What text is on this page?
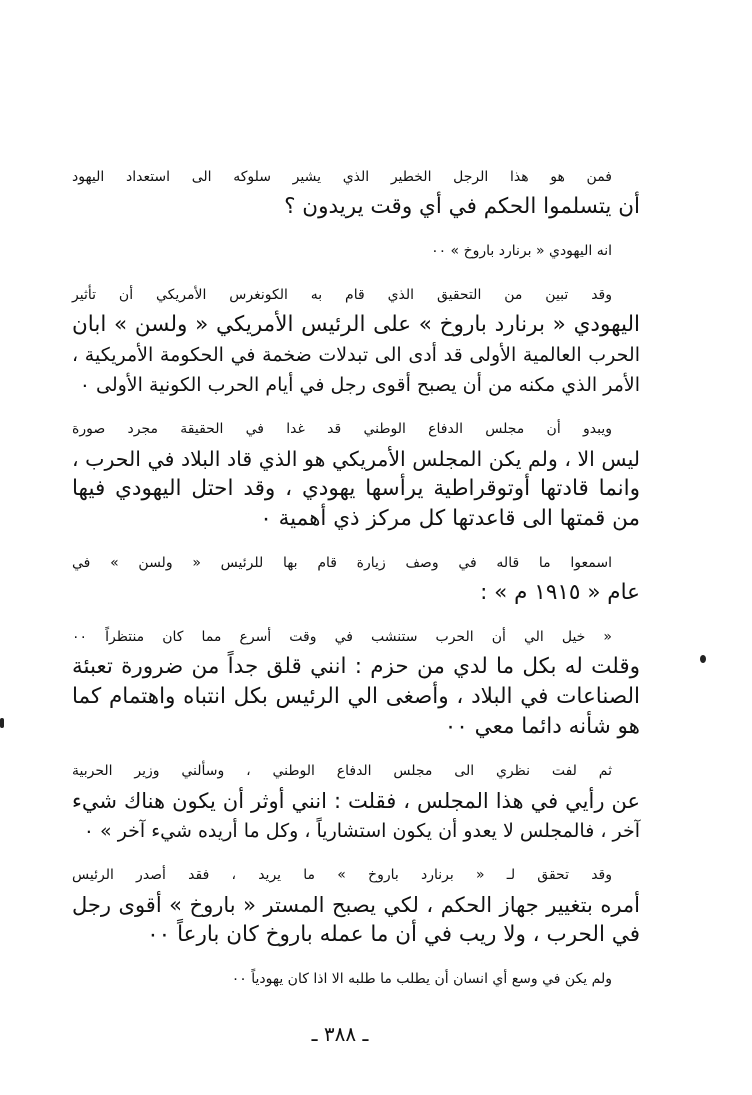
فمن هو هذا الرجل الخطير الذي يشير سلوكه الى استعداد اليهود
أن يتسلموا الحكم في أي وقت يريدون ؟
انه اليهودي « برنارد باروخ » ٠٠
وقد تبين من التحقيق الذي قام به الكونغرس الأمريكي أن تأثير
اليهودي « برنارد باروخ » على الرئيس الأمريكي « ولسن » ابان
الحرب العالمية الأولى قد أدى الى تبدلات ضخمة في الحكومة الأمريكية ،
الأمر الذي مكنه من أن يصبح أقوى رجل في أيام الحرب الكونية الأولى ٠
ويبدو أن مجلس الدفاع الوطني قد غدا في الحقيقة مجرد صورة
ليس الا ، ولم يكن المجلس الأمريكي هو الذي قاد البلاد في الحرب ،
وانما قادتها أوتوقراطية يرأسها يهودي ، وقد احتل اليهودي فيها
من قمتها الى قاعدتها كل مركز ذي أهمية ٠
اسمعوا ما قاله في وصف زيارة قام بها للرئيس « ولسن » في
عام « ١٩١٥ م » :
« خيل الي أن الحرب ستنشب في وقت أسرع مما كان منتظراً ٠٠
وقلت له بكل ما لدي من حزم : انني قلق جداً من ضرورة تعبئة
الصناعات في البلاد ، وأصغى الي الرئيس بكل انتباه واهتمام كما
هو شأنه دائما معي ٠٠
ثم لفت نظري الى مجلس الدفاع الوطني ، وسألني وزير الحربية
عن رأيي في هذا المجلس ، فقلت : انني أوثر أن يكون هناك شيء
آخر ، فالمجلس لا يعدو أن يكون استشارياً ، وكل ما أريده شيء آخر » ٠
وقد تحقق لـ « برنارد باروخ » ما يريد ، فقد أصدر الرئيس
أمره بتغيير جهاز الحكم ، لكي يصبح المستر « باروخ » أقوى رجل
في الحرب ، ولا ريب في أن ما عمله باروخ كان بارعاً ٠٠
ولم يكن في وسع أي انسان أن يطلب ما طلبه الا اذا كان يهودياً ٠٠
ـ ٣٨٨ ـ
